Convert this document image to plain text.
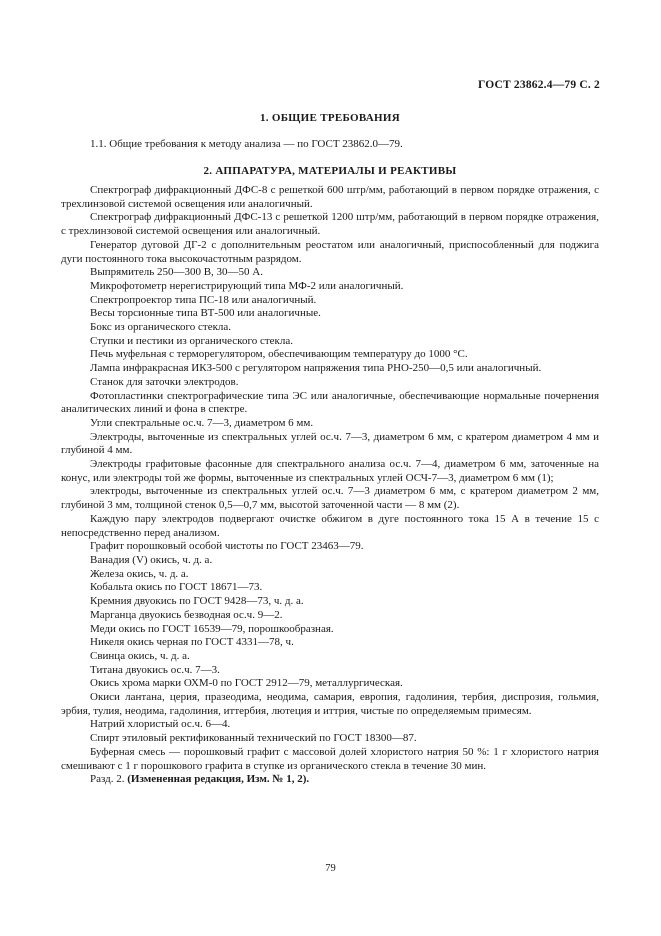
ГОСТ 23862.4—79 С. 2
1. ОБЩИЕ ТРЕБОВАНИЯ
1.1. Общие требования к методу анализа — по ГОСТ 23862.0—79.
2. АППАРАТУРА, МАТЕРИАЛЫ И РЕАКТИВЫ

Спектрограф дифракционный ДФС-8 с решеткой 600 штр/мм, работающий в первом порядке отражения, с трехлинзовой системой освещения или аналогичный.

Спектрограф дифракционный ДФС-13 с решеткой 1200 штр/мм, работающий в первом порядке отражения, с трехлинзовой системой освещения или аналогичный.

Генератор дуговой ДГ-2 с дополнительным реостатом или аналогичный, приспособленный для поджига дуги постоянного тока высокочастотным разрядом.

Выпрямитель 250—300 В, 30—50 А.

Микрофотометр нерегистрирующий типа МФ-2 или аналогичный.

Спектропроектор типа ПС-18 или аналогичный.

Весы торсионные типа ВТ-500 или аналогичные.

Бокс из органического стекла.

Ступки и пестики из органического стекла.

Печь муфельная с терморегулятором, обеспечивающим температуру до 1000 °С.

Лампа инфракрасная ИКЗ-500 с регулятором напряжения типа РНО-250—0,5 или аналогичный.

Станок для заточки электродов.

Фотопластинки спектрографические типа ЭС или аналогичные, обеспечивающие нормальные почернения аналитических линий и фона в спектре.

Угли спектральные ос.ч. 7—3, диаметром 6 мм.

Электроды, выточенные из спектральных углей ос.ч. 7—3, диаметром 6 мм, с кратером диаметром 4 мм и глубиной 4 мм.

Электроды графитовые фасонные для спектрального анализа ос.ч. 7—4, диаметром 6 мм, заточенные на конус, или электроды той же формы, выточенные из спектральных углей ОСЧ-7—3, диаметром 6 мм (1);

электроды, выточенные из спектральных углей ос.ч. 7—3 диаметром 6 мм, с кратером диаметром 2 мм, глубиной 3 мм, толщиной стенок 0,5—0,7 мм, высотой заточенной части — 8 мм (2).

Каждую пару электродов подвергают очистке обжигом в дуге постоянного тока 15 А в течение 15 с непосредственно перед анализом.

Графит порошковый особой чистоты по ГОСТ 23463—79.

Ванадия (V) окись, ч. д. а.

Железа окись, ч. д. а.

Кобальта окись по ГОСТ 18671—73.

Кремния двуокись по ГОСТ 9428—73, ч. д. а.

Марганца двуокись безводная ос.ч. 9—2.

Меди окись по ГОСТ 16539—79, порошкообразная.

Никеля окись черная по ГОСТ 4331—78, ч.

Свинца окись, ч. д. а.

Титана двуокись ос.ч. 7—3.

Окись хрома марки ОХМ-0 по ГОСТ 2912—79, металлургическая.

Окиси лантана, церия, празеодима, неодима, самария, европия, гадолиния, тербия, диспрозия, гольмия, эрбия, тулия, неодима, гадолиния, иттербия, лютеция и иттрия, чистые по определяемым примесям.

Натрий хлористый ос.ч. 6—4.

Спирт этиловый ректификованный технический по ГОСТ 18300—87.

Буферная смесь — порошковый графит с массовой долей хлористого натрия 50 %: 1 г хлористого натрия смешивают с 1 г порошкового графита в ступке из органического стекла в течение 30 мин.

Разд. 2. (Измененная редакция, Изм. № 1, 2).

79
